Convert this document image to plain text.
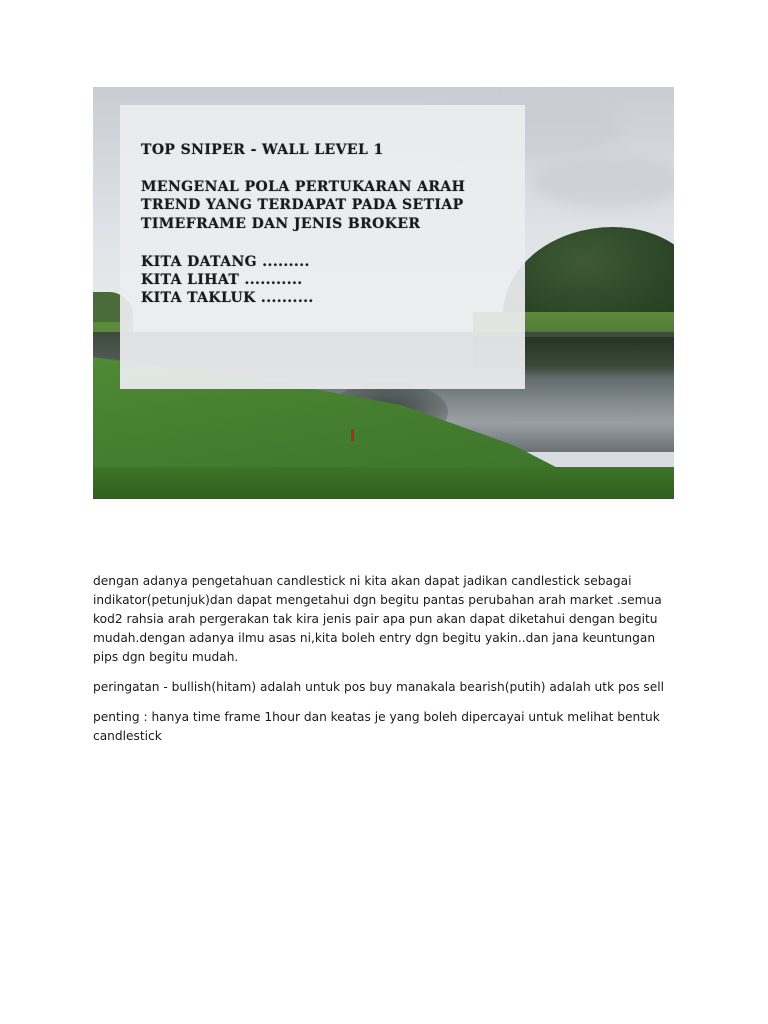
TOP SNIPER - WALL LEVEL 1

MENGENAL POLA PERTUKARAN ARAH

TREND YANG TERDAPAT PADA SETIAP

TIMEFRAME DAN JENIS BROKER

KITA DATANG .........

KITA LIHAT ...........

KITA TAKLUK ..........

dengan adanya pengetahuan candlestick ni kita akan dapat jadikan candlestick sebagai indikator(petunjuk)dan dapat mengetahui dgn begitu pantas perubahan arah market .semua kod2 rahsia arah pergerakan tak kira jenis pair apa pun akan dapat diketahui dengan begitu mudah.dengan adanya ilmu asas ni,kita boleh entry dgn begitu yakin..dan jana keuntungan pips dgn begitu mudah.

peringatan - bullish(hitam) adalah untuk pos buy manakala bearish(putih) adalah utk pos sell

penting : hanya time frame 1hour dan keatas je yang boleh dipercayai untuk melihat bentuk candlestick
